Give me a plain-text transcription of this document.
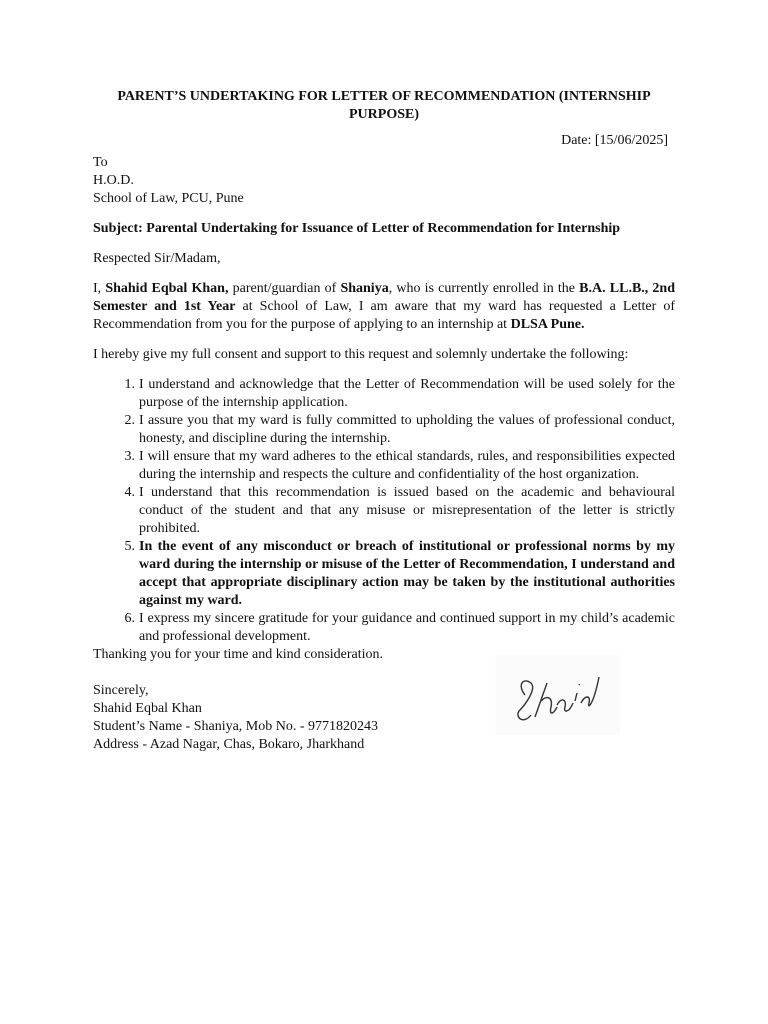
PARENT’S UNDERTAKING FOR LETTER OF RECOMMENDATION (INTERNSHIP PURPOSE)
Date: [15/06/2025]
To
H.O.D.
School of Law, PCU, Pune
Subject: Parental Undertaking for Issuance of Letter of Recommendation for Internship
Respected Sir/Madam,
I, Shahid Eqbal Khan, parent/guardian of Shaniya, who is currently enrolled in the B.A. LL.B., 2nd Semester and 1st Year at School of Law, I am aware that my ward has requested a Letter of Recommendation from you for the purpose of applying to an internship at DLSA Pune.
I hereby give my full consent and support to this request and solemnly undertake the following:
1. I understand and acknowledge that the Letter of Recommendation will be used solely for the purpose of the internship application.
2. I assure you that my ward is fully committed to upholding the values of professional conduct, honesty, and discipline during the internship.
3. I will ensure that my ward adheres to the ethical standards, rules, and responsibilities expected during the internship and respects the culture and confidentiality of the host organization.
4. I understand that this recommendation is issued based on the academic and behavioural conduct of the student and that any misuse or misrepresentation of the letter is strictly prohibited.
5. In the event of any misconduct or breach of institutional or professional norms by my ward during the internship or misuse of the Letter of Recommendation, I understand and accept that appropriate disciplinary action may be taken by the institutional authorities against my ward.
6. I express my sincere gratitude for your guidance and continued support in my child’s academic and professional development.
Thanking you for your time and kind consideration.
Sincerely,
Shahid Eqbal Khan
Student’s Name - Shaniya, Mob No. - 9771820243
Address - Azad Nagar, Chas, Bokaro, Jharkhand
